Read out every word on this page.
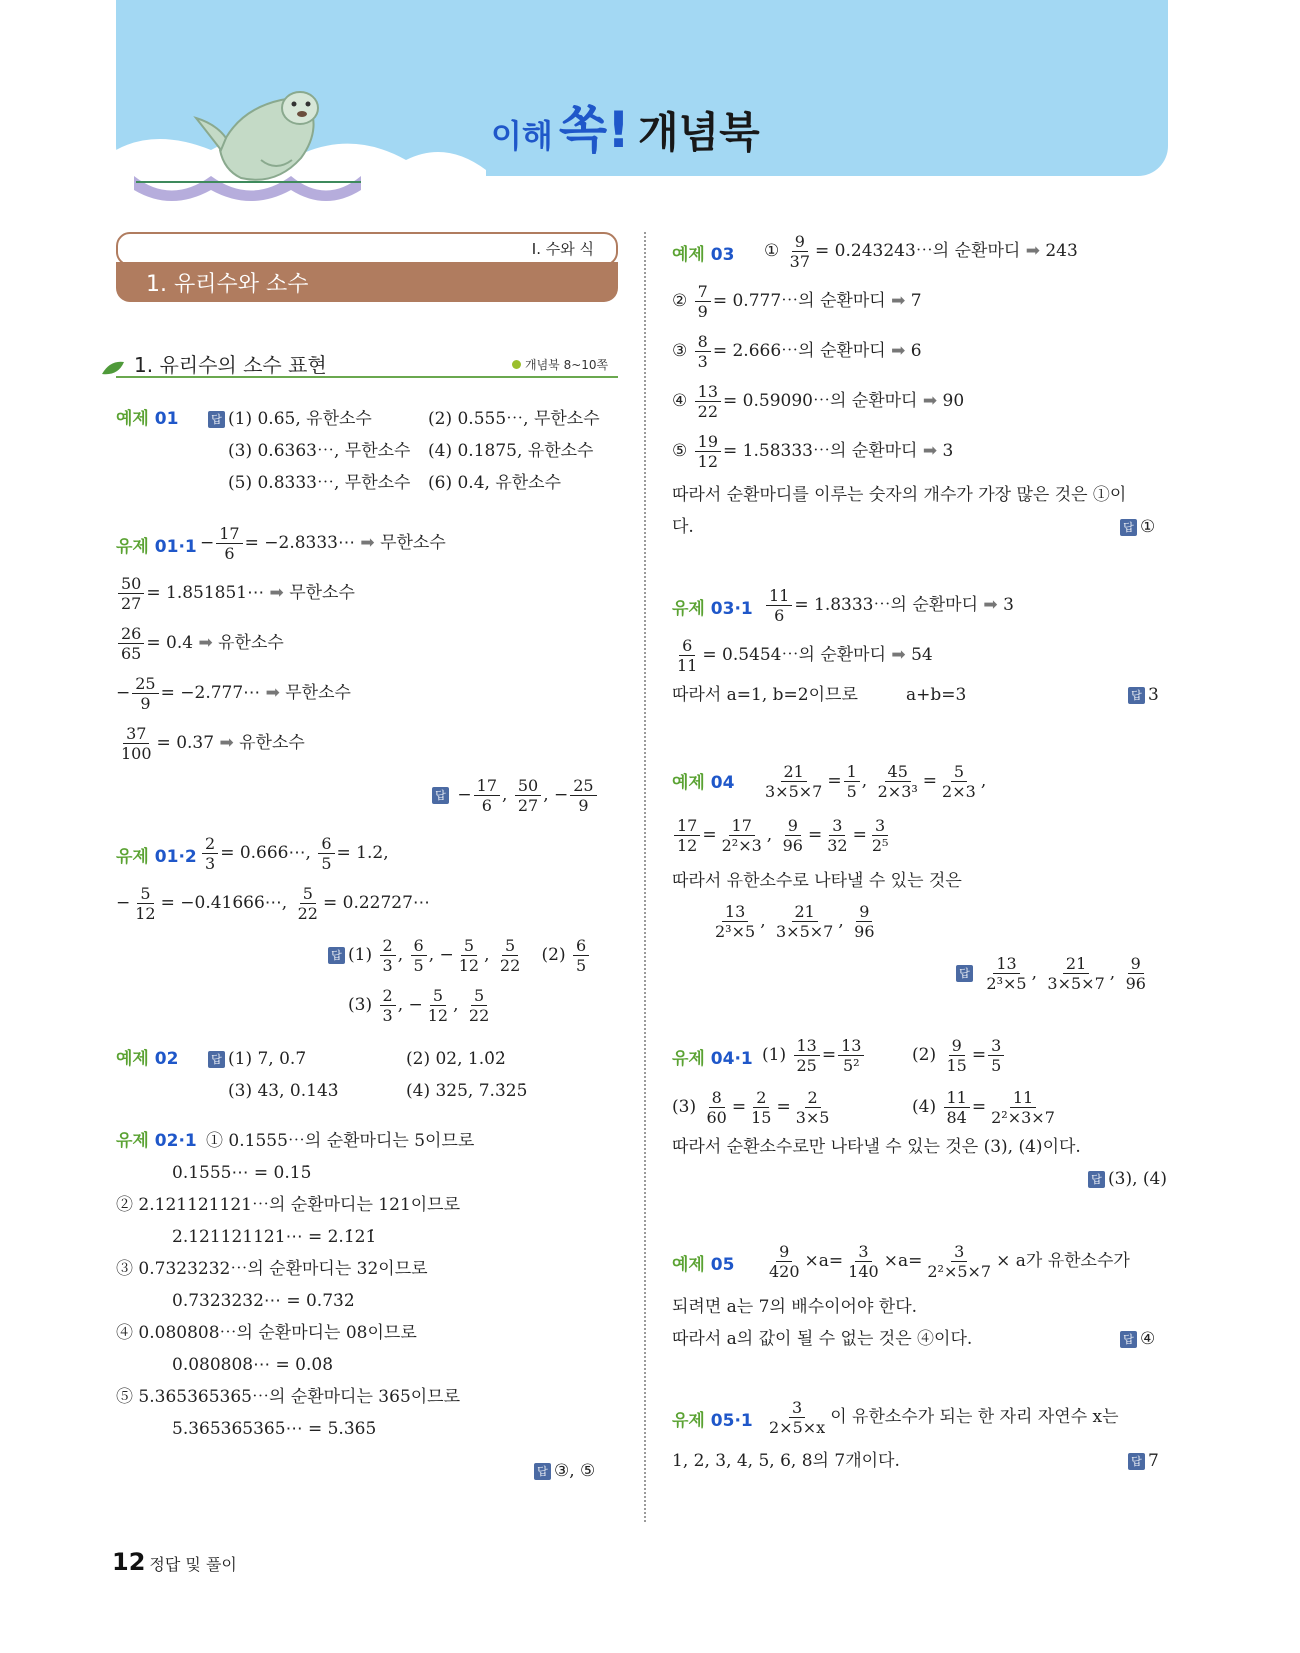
이해 쏙! 개념북
Ⅰ. 수와 식
1. 유리수와 소수
1. 유리수의 소수 표현	개념북 8~10쪽
예제 01	답 (1) 0.65, 유한소수	(2) 0.555⋯, 무한소수
(3) 0.6363⋯, 무한소수 (4) 0.1875, 유한소수
(5) 0.8333⋯, 무한소수 (6) 0.4, 유한소수
유제 $01\cdot 1 - \frac{17}{6}$ = −2.8333⋯ ➡ 무한소수
$\frac{50}{27}$ = 1.851851⋯ ➡ 무한소수
$\frac{26}{65} = 0.4$ ➡ 유한소수
− $\frac{25}{9}$ = −2.777⋯ ➡ 무한소수
$\frac{37}{100} = 0.37$ ➡ 유한소수
답 − $\frac{17}{6}$ , $\frac{50}{27}$ , − $\frac{25}{9}$
유제 $01\cdot 2 \frac{2}{3}$ = 0.666⋯, $\frac{6}{5} = 1.2$,
− $\frac{5}{12}$ = −0.41666⋯, $\frac{5}{22}$ = 0.22727⋯
답 $(1) \frac{2}{3}$ , $\frac{6}{5}$ , − $\frac{5}{12}$ , $\frac{5}{22} (2) \frac{6}{5}$
$(3) \frac{2}{3}$ , − $\frac{5}{12}$ , $\frac{5}{22}$
예제 02	답 (1) 7, 0.7̇	(2) 02, 1.0̇2̇
(3) 43, 0.14̇3̇	(4) 325, 7.3̇25̇
유제 02·1 ① 0.1555⋯의 순환마디는 5이므로
0.1555⋯ = 0.15̇
② 2.121121121⋯의 순환마디는 121이므로
2.121121121⋯ = 2.1̇21̇
③ 0.7323232⋯의 순환마디는 32이므로
0.7323232⋯ = 0.73̇2̇
④ 0.080808⋯의 순환마디는 08이므로
0.080808⋯ = 0.0̇8̇
⑤ 5.365365365⋯의 순환마디는 365이므로
5.365365365⋯ = 5.3̇65̇
답 ③, ⑤
예제 03 ① $\frac{9}{37}$ = 0.243243⋯의 순환마디 ➡ 243
② $\frac{7}{9}$ = 0.777⋯의 순환마디 ➡ 7
③ $\frac{8}{3}$ = 2.666⋯의 순환마디 ➡ 6
④ $\frac{13}{22}$ = 0.59090⋯의 순환마디 ➡ 90
⑤ $\frac{19}{12}$ = 1.58333⋯의 순환마디 ➡ 3
따라서 순환마디를 이루는 숫자의 개수가 가장 많은 것은 ①이
다.	답 ①
유제 $03\cdot 1 \frac{11}{6}$ = 1.8333⋯의 순환마디 ➡ 3
$\frac{6}{11}$ = 0.5454⋯의 순환마디 ➡ 54
따라서 a=1, b=2이므로	a+b=3	답 3
예제 $04 \frac{21}{3\times 5\times 7} = \frac{1}{5}$ , $\frac{45}{\text{2×3³}} = \frac{5}{2\times 3}$ ,
$\frac{17}{12} = \frac{17}{\text{2²×3}}$ , $\frac{9}{96} = \frac{3}{32} = \frac{3}{\text{2⁵}}$
따라서 유한소수로 나타낼 수 있는 것은
$\frac{13}{\text{2³×5}}$ , $\frac{21}{3\times 5\times 7}$ , $\frac{9}{96}$
답 $\frac{13}{\text{2³×5}}$ , $\frac{21}{3\times 5\times 7}$ , $\frac{9}{96}$
유제 04·1 $(1) \frac{13}{25} = \frac{13}{\text{5²}}$	$(2) \frac{9}{15} = \frac{3}{5}$
$(3) \frac{8}{60} = \frac{2}{15} = \frac{2}{3\times 5}$	$(4) \frac{11}{84} = \frac{11}{\text{2²×3×7}}$
따라서 순환소수로만 나타낼 수 있는 것은 (3), (4)이다.
답 (3), (4)
예제 $05 \frac{9}{420} \times a= \frac{3}{140} \times a= \frac{3}{\text{2²×5×7}} \times a$가 유한소수가
되려면 a는 7의 배수이어야 한다.
따라서 a의 값이 될 수 없는 것은 ④이다.	답 ④
유제 $05\cdot 1 \frac{3}{2\times 5\times x}$ 이 유한소수가 되는 한 자리 자연수 x는
1, 2, 3, 4, 5, 6, 8의 7개이다.	답 7
12 정답 및 풀이
